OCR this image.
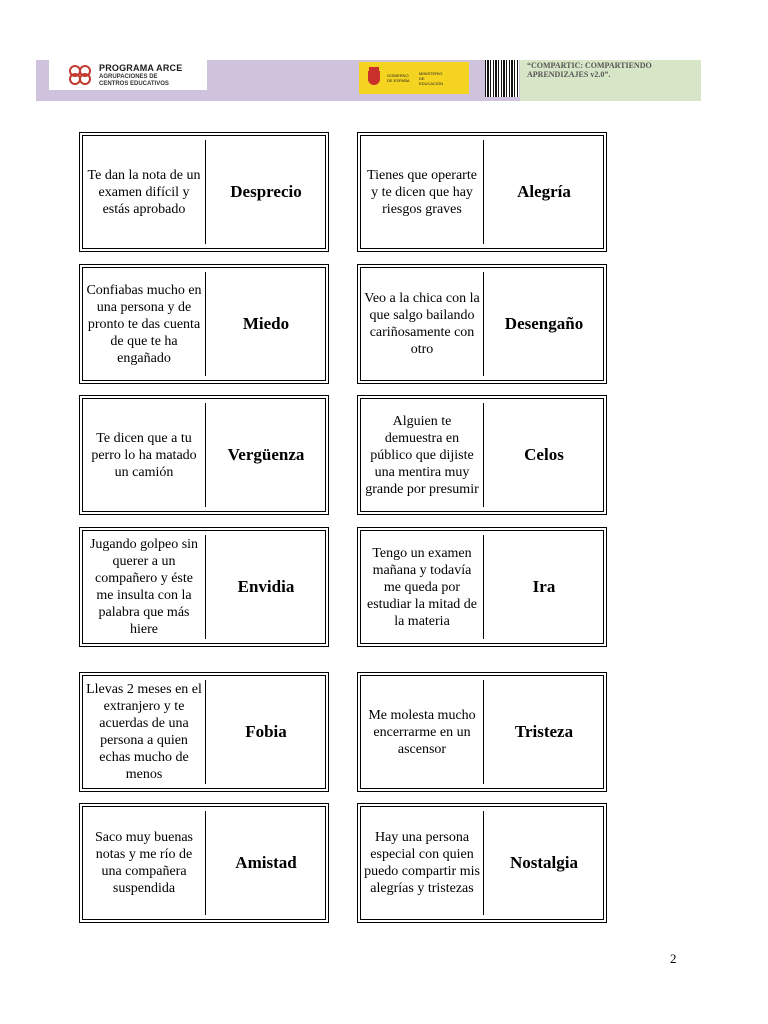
PROGRAMA ARCE
AGRUPACIONES DE
CENTROS EDUCATIVOS
GOBIERNO DE ESPAÑA
MINISTERIO DE EDUCACIÓN
“COMPARTIC: COMPARTIENDO APRENDIZAJES v2.0”.
Te dan la nota de un examen difícil y estás aprobado
Desprecio
Tienes que operarte y te dicen que hay riesgos graves
Alegría
Confiabas mucho en una persona y de pronto te das cuenta de que te ha engañado
Miedo
Veo a la chica con la que salgo bailando cariñosamente con otro
Desengaño
Te dicen que a tu perro lo ha matado un camión
Vergüenza
Alguien te demuestra en público que dijiste una mentira muy grande por presumir
Celos
Jugando golpeo sin querer a un compañero y éste me insulta con la palabra que más hiere
Envidia
Tengo un examen mañana y todavía me queda por estudiar la mitad de la materia
Ira
Llevas 2 meses en el extranjero y te acuerdas de una persona a quien echas mucho de menos
Fobia
Me molesta mucho encerrarme en un ascensor
Tristeza
Saco muy buenas notas y me río de una compañera suspendida
Amistad
Hay una persona especial con quien puedo compartir mis alegrías y tristezas
Nostalgia
2
